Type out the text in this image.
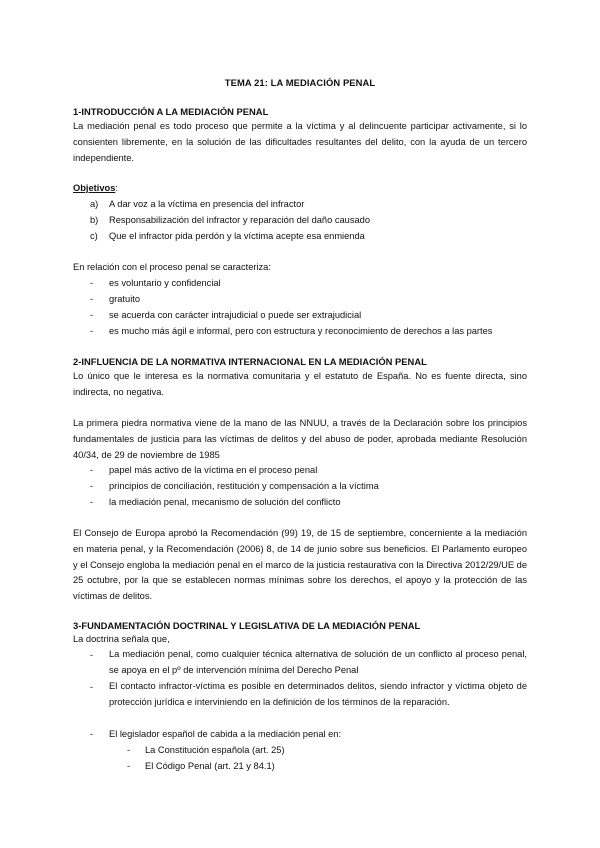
TEMA 21: LA MEDIACIÓN PENAL
1-INTRODUCCIÓN A LA MEDIACIÓN PENAL
La mediación penal es todo proceso que permite a la víctima y al delincuente participar activamente, si lo consienten libremente, en la solución de las dificultades resultantes del delito, con la ayuda de un tercero independiente.
Objetivos:
a) A dar voz a la víctima en presencia del infractor
b) Responsabilización del infractor y reparación del daño causado
c) Que el infractor pida perdón y la víctima acepte esa enmienda
En relación con el proceso penal se caracteriza:
- es voluntario y confidencial
- gratuito
- se acuerda con carácter intrajudicial o puede ser extrajudicial
- es mucho más ágil e informal, pero con estructura y reconocimiento de derechos a las partes
2-INFLUENCIA DE LA NORMATIVA INTERNACIONAL EN LA MEDIACIÓN PENAL
Lo único que le interesa es la normativa comunitaria y el estatuto de España. No es fuente directa, sino indirecta, no negativa.
La primera piedra normativa viene de la mano de las NNUU, a través de la Declaración sobre los principios fundamentales de justicia para las víctimas de delitos y del abuso de poder, aprobada mediante Resolución 40/34, de 29 de noviembre de 1985
- papel más activo de la víctima en el proceso penal
- principios de conciliación, restitución y compensación a la víctima
- la mediación penal, mecanismo de solución del conflicto
El Consejo de Europa aprobó la Recomendación (99) 19, de 15 de septiembre, concerniente a la mediación en materia penal, y la Recomendación (2006) 8, de 14 de junio sobre sus beneficios. El Parlamento europeo y el Consejo engloba la mediación penal en el marco de la justicia restaurativa con la Directiva 2012/29/UE de 25 octubre, por la que se establecen normas mínimas sobre los derechos, el apoyo y la protección de las víctimas de delitos.
3-FUNDAMENTACIÓN DOCTRINAL Y LEGISLATIVA DE LA MEDIACIÓN PENAL
La doctrina señala que,
- La mediación penal, como cualquier técnica alternativa de solución de un conflicto al proceso penal, se apoya en el pº de intervención mínima del Derecho Penal
- El contacto infractor-víctima es posible en determinados delitos, siendo infractor y víctima objeto de protección jurídica e interviniendo en la definición de los términos de la reparación.
- El legislador español de cabida a la mediación penal en:
- La Constitución española (art. 25)
- El Código Penal (art. 21 y 84.1)
